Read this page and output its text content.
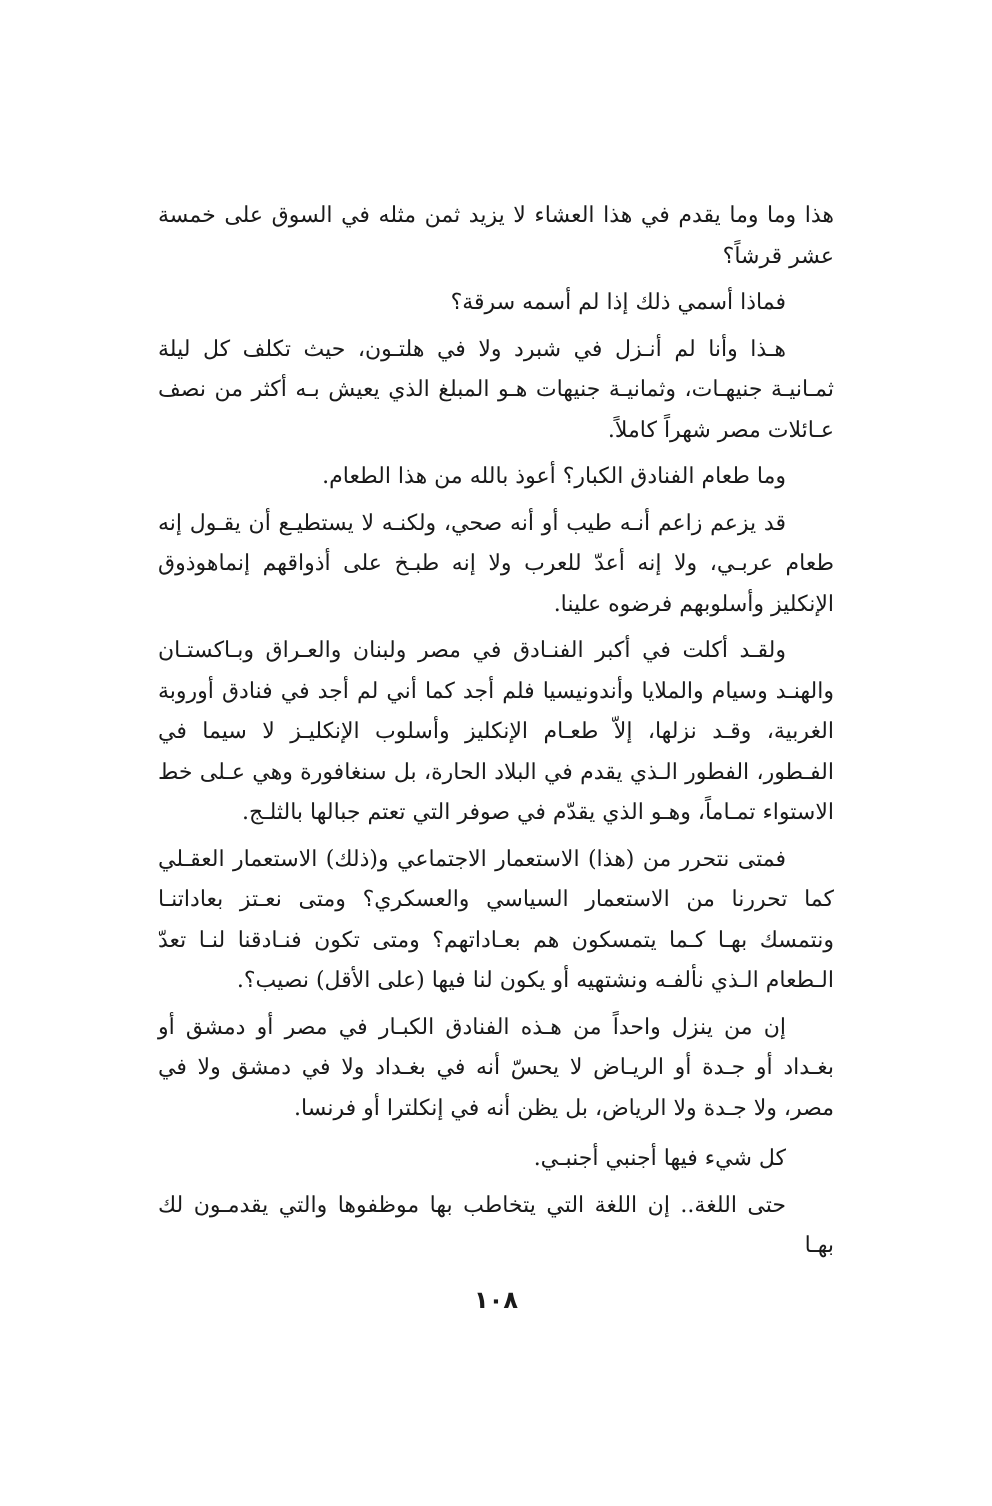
هذا وما وما يقدم في هذا العشاء لا يزيد ثمن مثله في السوق على خمسة عشر قرشاً؟

فماذا أسمي ذلك إذا لم أسمه سرقة؟

هـذا وأنا لم أنـزل في شبرد ولا في هلتـون، حيث تكلف كل ليلة ثمـانيـة جنيهـات، وثمانيـة جنيهات هـو المبلغ الذي يعيش بـه أكثر من نصف عـائلات مصر شهراً كاملاً.

وما طعام الفنادق الكبار؟ أعوذ بالله من هذا الطعام.

قد يزعم زاعم أنـه طيب أو أنه صحي، ولكنـه لا يستطيـع أن يقـول إنه طعام عربـي، ولا إنه أعدّ للعرب ولا إنه طبـخ على أذواقهم إنماهوذوق الإنكليز وأسلوبهم فرضوه علينا.

ولقـد أكلت في أكبر الفنـادق في مصر ولبنان والعـراق وبـاكستـان والهنـد وسيام والملايا وأندونيسيا فلم أجد كما أني لم أجد في فنادق أوروبة الغربية، وقـد نزلها، إلاّ طعـام الإنكليز وأسلوب الإنكليـز لا سيما في الفـطور، الفطور الـذي يقدم في البلاد الحارة، بل سنغافورة وهي عـلى خط الاستواء تمـاماً، وهـو الذي يقدّم في صوفر التي تعتم جبالها بالثلـج.

فمتى نتحرر من (هذا) الاستعمار الاجتماعي و(ذلك) الاستعمار العقـلي كما تحررنا من الاستعمار السياسي والعسكري؟ ومتى نعـتز بعاداتنـا ونتمسك بهـا كـما يتمسكون هم بعـاداتهم؟ ومتى تكون فنـادقنا لنـا تعدّ الـطعام الـذي نألفـه ونشتهيه أو يكون لنا فيها (على الأقل) نصيب؟.

إن من ينزل واحداً من هـذه الفنادق الكبـار في مصر أو دمشق أو بغـداد أو جـدة أو الريـاض لا يحسّ أنه في بغـداد ولا في دمشق ولا في مصر، ولا جـدة ولا الرياض، بل يظن أنه في إنكلترا أو فرنسا.

كل شيء فيها أجنبي أجنبـي.

حتى اللغة.. إن اللغة التي يتخاطب بها موظفوها والتي يقدمـون لك بهـا

١٠٨
